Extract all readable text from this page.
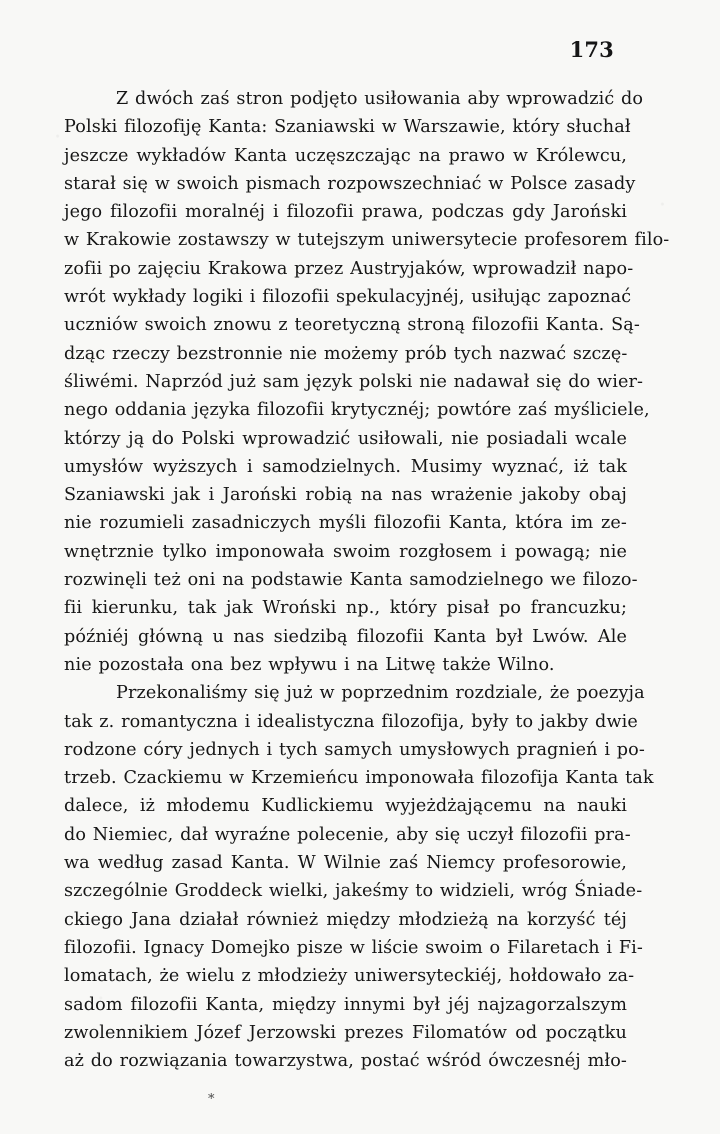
173
Z dwóch zaś stron podjęto usiłowania aby wprowadzić do
Polski filozofiję Kanta: Szaniawski w Warszawie, który słuchał
jeszcze wykładów Kanta uczęszczając na prawo w Królewcu,
starał się w swoich pismach rozpowszechniać w Polsce zasady
jego filozofii moralnéj i filozofii prawa, podczas gdy Jaroński
w Krakowie zostawszy w tutejszym uniwersytecie profesorem filo-
zofii po zajęciu Krakowa przez Austryjaków, wprowadził napo-
wrót wykłady logiki i filozofii spekulacyjnéj, usiłując zapoznać
uczniów swoich znowu z teoretyczną stroną filozofii Kanta. Są-
dząc rzeczy bezstronnie nie możemy prób tych nazwać szczę-
śliwémi. Naprzód już sam język polski nie nadawał się do wier-
nego oddania języka filozofii krytycznéj; powtóre zaś myśliciele,
którzy ją do Polski wprowadzić usiłowali, nie posiadali wcale
umysłów wyższych i samodzielnych. Musimy wyznać, iż tak
Szaniawski jak i Jaroński robią na nas wrażenie jakoby obaj
nie rozumieli zasadniczych myśli filozofii Kanta, która im ze-
wnętrznie tylko imponowała swoim rozgłosem i powagą; nie
rozwinęli też oni na podstawie Kanta samodzielnego we filozo-
fii kierunku, tak jak Wroński np., który pisał po francuzku;
późniéj główną u nas siedzibą filozofii Kanta był Lwów. Ale
nie pozostała ona bez wpływu i na Litwę także Wilno.
Przekonaliśmy się już w poprzednim rozdziale, że poezyja
tak z. romantyczna i idealistyczna filozofija, były to jakby dwie
rodzone córy jednych i tych samych umysłowych pragnień i po-
trzeb. Czackiemu w Krzemieńcu imponowała filozofija Kanta tak
dalece, iż młodemu Kudlickiemu wyjeżdżającemu na nauki
do Niemiec, dał wyraźne polecenie, aby się uczył filozofii pra-
wa według zasad Kanta. W Wilnie zaś Niemcy profesorowie,
szczególnie Groddeck wielki, jakeśmy to widzieli, wróg Śniade-
ckiego Jana działał również między młodzieżą na korzyść téj
filozofii. Ignacy Domejko pisze w liście swoim o Filaretach i Fi-
lomatach, że wielu z młodzieży uniwersyteckiéj, hołdowało za-
sadom filozofii Kanta, między innymi był jéj najzagorzalszym
zwolennikiem Józef Jerzowski prezes Filomatów od początku
aż do rozwiązania towarzystwa, postać wśród ówczesnéj mło-
*
